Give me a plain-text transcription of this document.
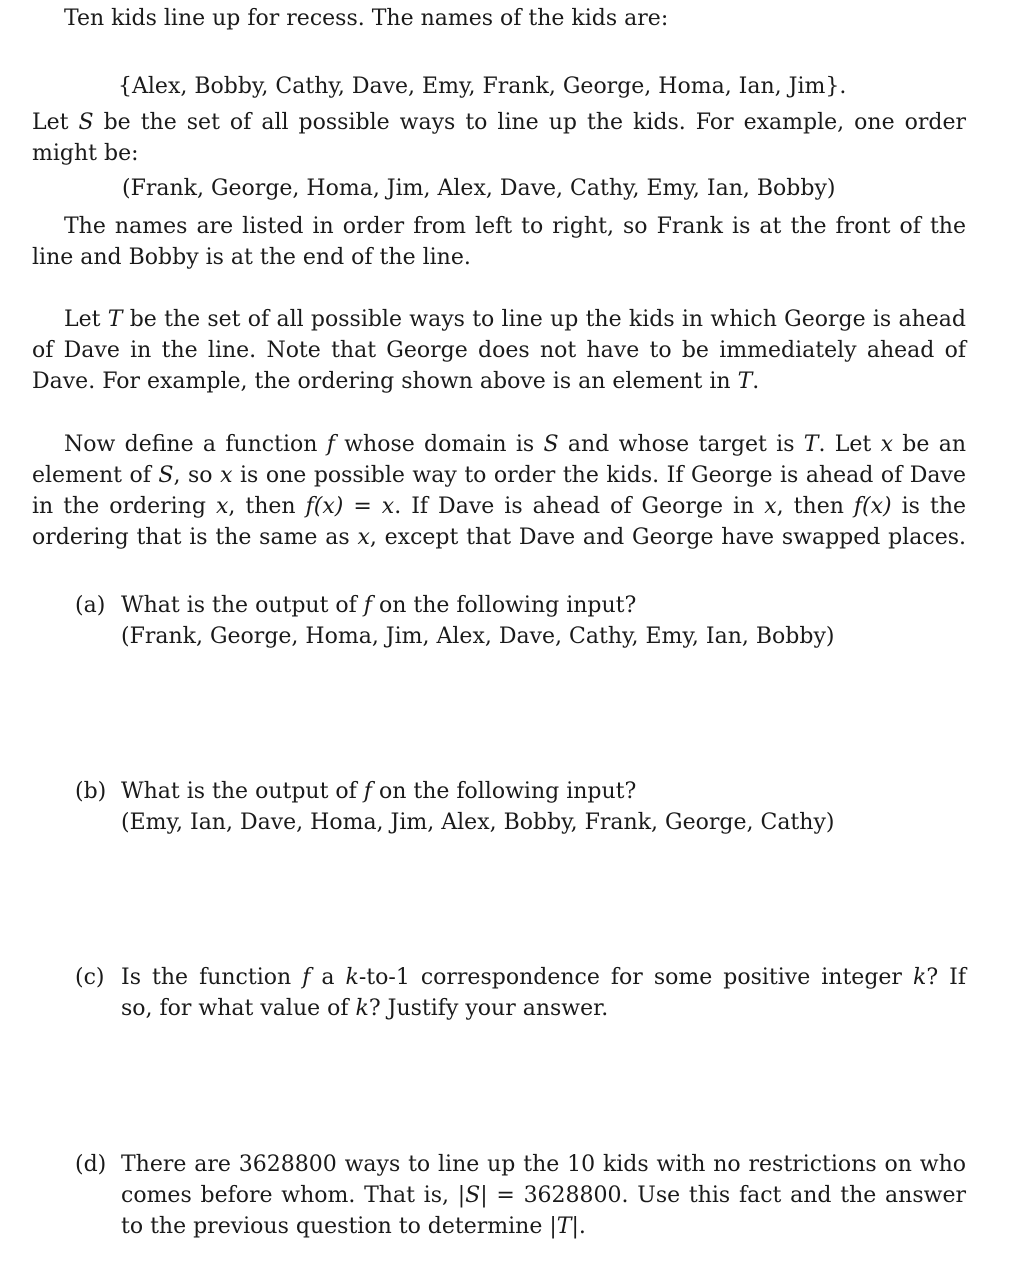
Ten kids line up for recess. The names of the kids are:
{Alex, Bobby, Cathy, Dave, Emy, Frank, George, Homa, Ian, Jim}.
Let S be the set of all possible ways to line up the kids. For example, one order
might be:
(Frank, George, Homa, Jim, Alex, Dave, Cathy, Emy, Ian, Bobby)
The names are listed in order from left to right, so Frank is at the front of the
line and Bobby is at the end of the line.
Let T be the set of all possible ways to line up the kids in which George is ahead
of Dave in the line. Note that George does not have to be immediately ahead of
Dave. For example, the ordering shown above is an element in T.
Now define a function f whose domain is S and whose target is T. Let x be an
element of S, so x is one possible way to order the kids. If George is ahead of Dave
in the ordering x, then f(x) = x. If Dave is ahead of George in x, then f(x) is the
ordering that is the same as x, except that Dave and George have swapped places.
(a) What is the output of f on the following input?
(Frank, George, Homa, Jim, Alex, Dave, Cathy, Emy, Ian, Bobby)
(b) What is the output of f on the following input?
(Emy, Ian, Dave, Homa, Jim, Alex, Bobby, Frank, George, Cathy)
(c) Is the function f a k-to-1 correspondence for some positive integer k? If
so, for what value of k? Justify your answer.
(d) There are 3628800 ways to line up the 10 kids with no restrictions on who
comes before whom. That is, |S| = 3628800. Use this fact and the answer
to the previous question to determine |T|.
